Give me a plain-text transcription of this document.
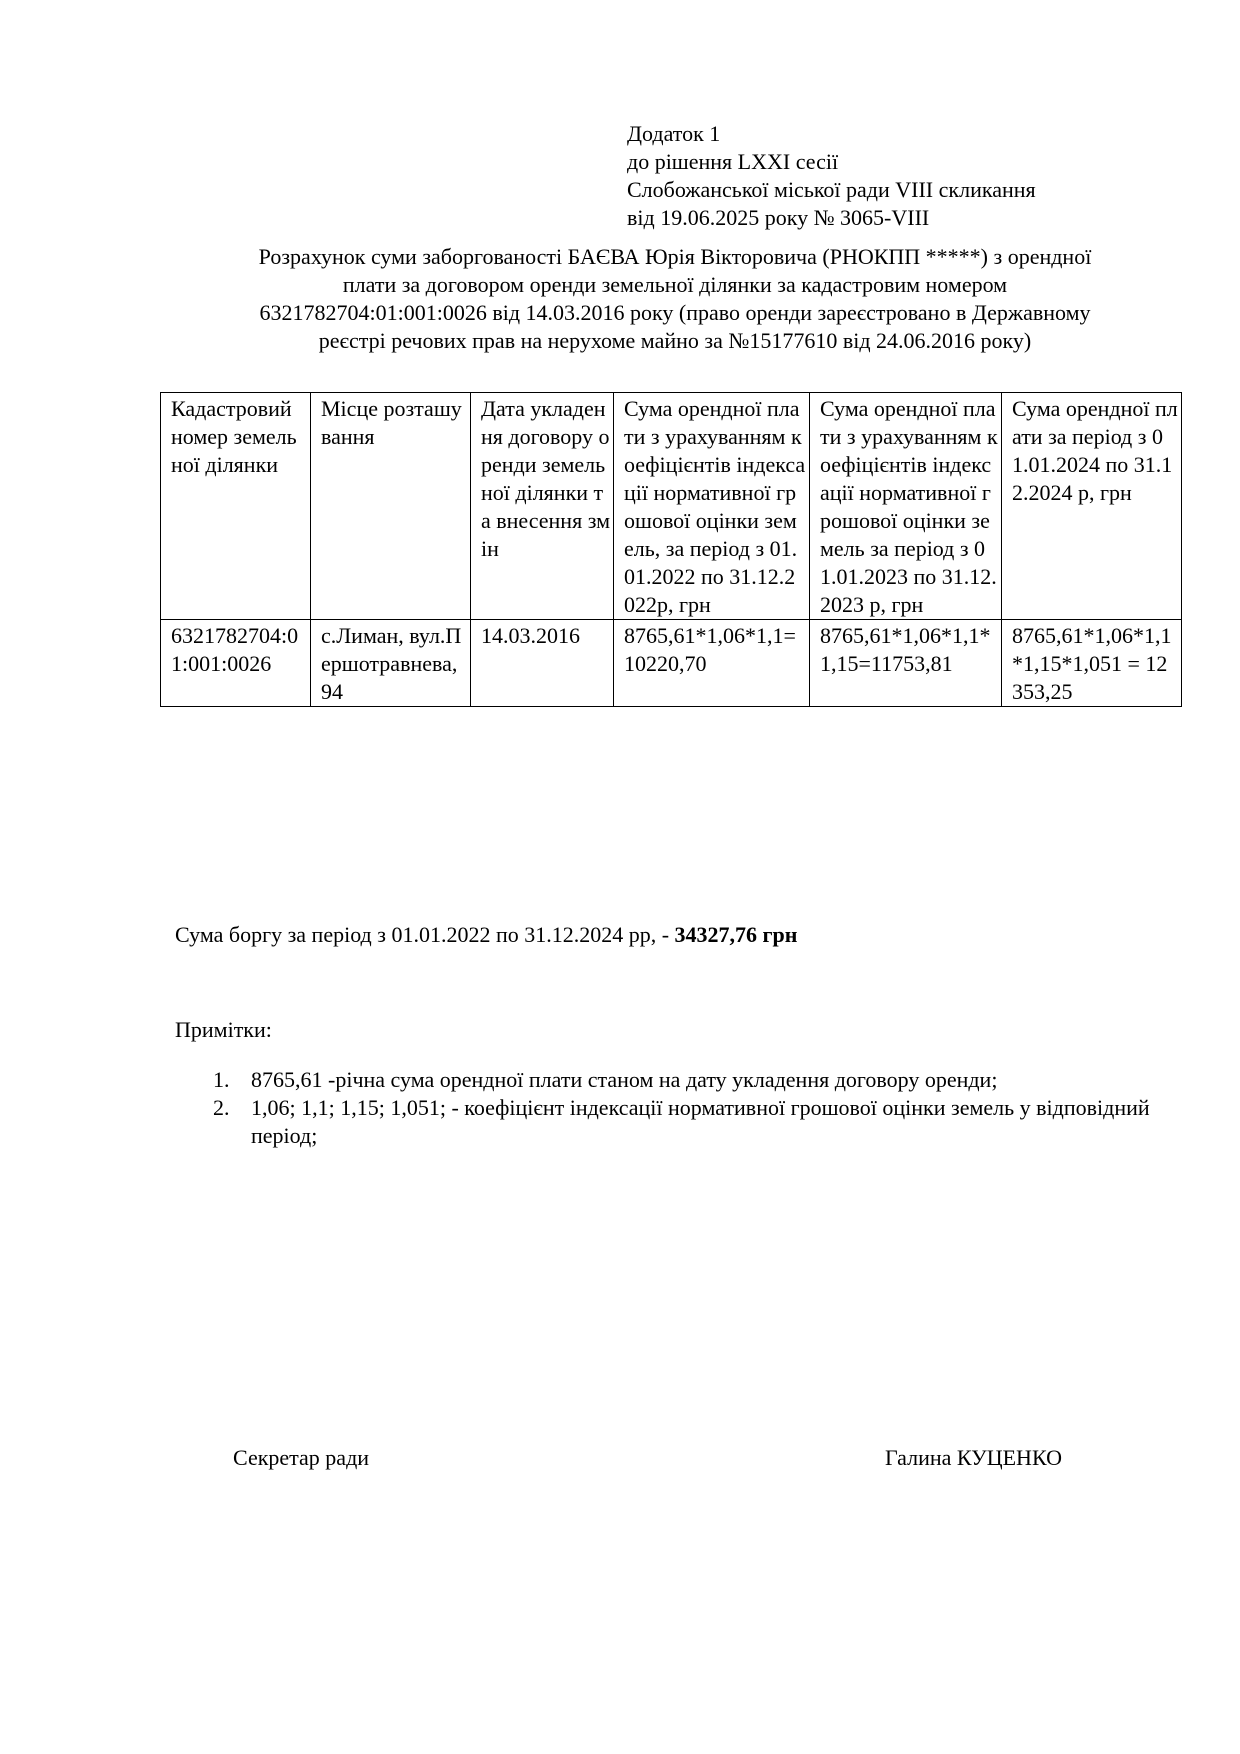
Додаток 1
до рішення LXXI сесії
Слобожанської міської ради VIII скликання
від 19.06.2025 року № 3065-VIII
Розрахунок суми заборгованості БАЄВА Юрія Вікторовича (РНОКПП *****) з орендної
плати за договором оренди земельної ділянки за кадастровим номером
6321782704:01:001:0026 від 14.03.2016 року (право оренди зареєстровано в Державному
реєстрі речових прав на нерухоме майно за №15177610 від 24.06.2016 року)
Кадастровий номер земельної ділянки	Місце розташування	Дата укладення договору оренди земельної ділянки та внесення змін	Сума орендної плати з урахуванням коефіцієнтів індексації нормативної грошової оцінки земель, за період з 01.01.2022 по 31.12.2022р, грн	Сума орендної плати з урахуванням коефіцієнтів індексації нормативної грошової оцінки земель за період з 01.01.2023 по 31.12.2023 р, грн	Сума орендної плати за період з 01.01.2024 по 31.12.2024 р, грн
6321782704:01:001:0026	с.Лиман, вул.Першотравнева, 94	14.03.2016	8765,61*1,06*1,1=10220,70	8765,61*1,06*1,1*1,15=11753,81	8765,61*1,06*1,1*1,15*1,051 = 12353,25
Сума боргу за період з 01.01.2022 по 31.12.2024 рр, - 34327,76 грн
Примітки:
1. 8765,61 -річна сума орендної плати станом на дату укладення договору оренди;
2. 1,06; 1,1; 1,15; 1,051; - коефіцієнт індексації нормативної грошової оцінки земель у відповідний період;
Секретар ради	Галина КУЦЕНКО
